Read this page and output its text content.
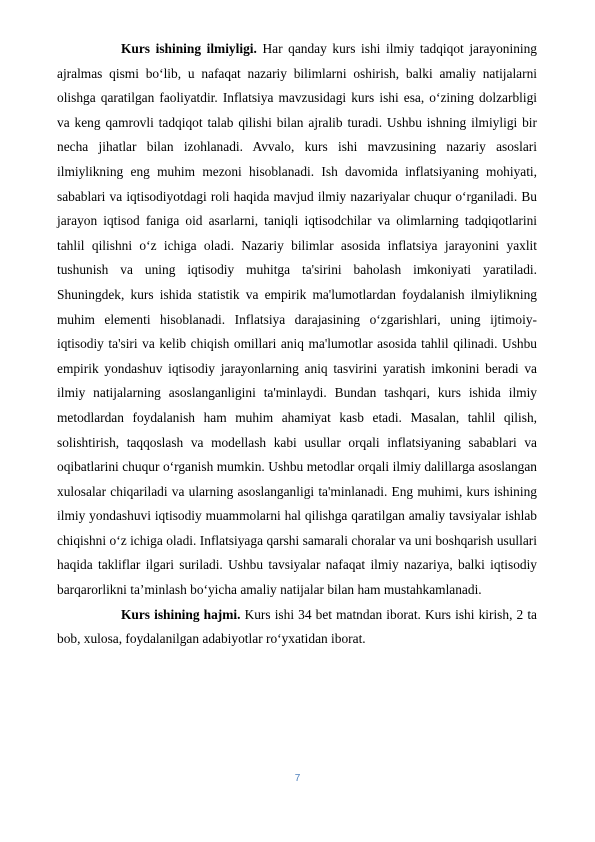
Kurs ishining ilmiyligi. Har qanday kurs ishi ilmiy tadqiqot jarayonining ajralmas qismi bo‘lib, u nafaqat nazariy bilimlarni oshirish, balki amaliy natijalarni olishga qaratilgan faoliyatdir. Inflatsiya mavzusidagi kurs ishi esa, o‘zining dolzarbligi va keng qamrovli tadqiqot talab qilishi bilan ajralib turadi. Ushbu ishning ilmiyligi bir necha jihatlar bilan izohlanadi. Avvalo, kurs ishi mavzusining nazariy asoslari ilmiylikning eng muhim mezoni hisoblanadi. Ish davomida inflatsiyaning mohiyati, sabablari va iqtisodiyotdagi roli haqida mavjud ilmiy nazariyalar chuqur o‘rganiladi. Bu jarayon iqtisod faniga oid asarlarni, taniqli iqtisodchilar va olimlarning tadqiqotlarini tahlil qilishni o‘z ichiga oladi. Nazariy bilimlar asosida inflatsiya jarayonini yaxlit tushunish va uning iqtisodiy muhitga ta'sirini baholash imkoniyati yaratiladi. Shuningdek, kurs ishida statistik va empirik ma'lumotlardan foydalanish ilmiylikning muhim elementi hisoblanadi. Inflatsiya darajasining o‘zgarishlari, uning ijtimoiy-iqtisodiy ta'siri va kelib chiqish omillari aniq ma'lumotlar asosida tahlil qilinadi. Ushbu empirik yondashuv iqtisodiy jarayonlarning aniq tasvirini yaratish imkonini beradi va ilmiy natijalarning asoslanganligini ta'minlaydi. Bundan tashqari, kurs ishida ilmiy metodlardan foydalanish ham muhim ahamiyat kasb etadi. Masalan, tahlil qilish, solishtirish, taqqoslash va modellash kabi usullar orqali inflatsiyaning sabablari va oqibatlarini chuqur o‘rganish mumkin. Ushbu metodlar orqali ilmiy dalillarga asoslangan xulosalar chiqariladi va ularning asoslanganligi ta'minlanadi. Eng muhimi, kurs ishining ilmiy yondashuvi iqtisodiy muammolarni hal qilishga qaratilgan amaliy tavsiyalar ishlab chiqishni o‘z ichiga oladi. Inflatsiyaga qarshi samarali choralar va uni boshqarish usullari haqida takliflar ilgari suriladi. Ushbu tavsiyalar nafaqat ilmiy nazariya, balki iqtisodiy barqarorlikni ta’minlash bo‘yicha amaliy natijalar bilan ham mustahkamlanadi.

Kurs ishining hajmi. Kurs ishi 34 bet matndan iborat. Kurs ishi kirish, 2 ta bob, xulosa, foydalanilgan adabiyotlar ro‘yxatidan iborat.

7
